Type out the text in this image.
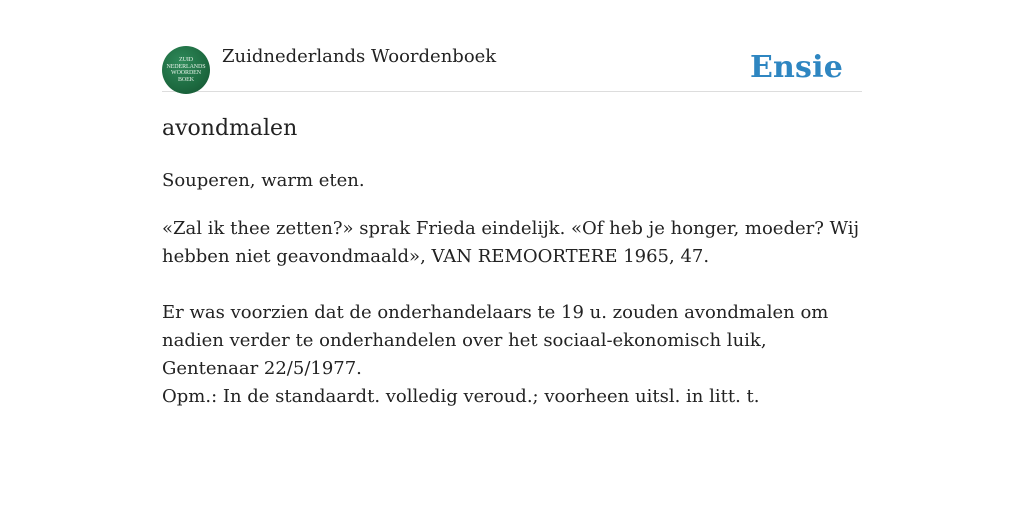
ZUID
NEDERLANDS
WOORDEN
BOEK
Zuidnederlands Woordenboek	Ensie
avondmalen

Souperen, warm eten.

«Zal ik thee zetten?» sprak Frieda eindelijk. «Of heb je honger, moeder? Wij hebben niet geavondmaald», VAN REMOORTERE 1965, 47.

Er was voorzien dat de onderhandelaars te 19 u. zouden avondmalen om nadien verder te onderhandelen over het sociaal-ekonomisch luik, Gentenaar 22/5/1977.

Opm.: In de standaardt. volledig veroud.; voorheen uitsl. in litt. t.
